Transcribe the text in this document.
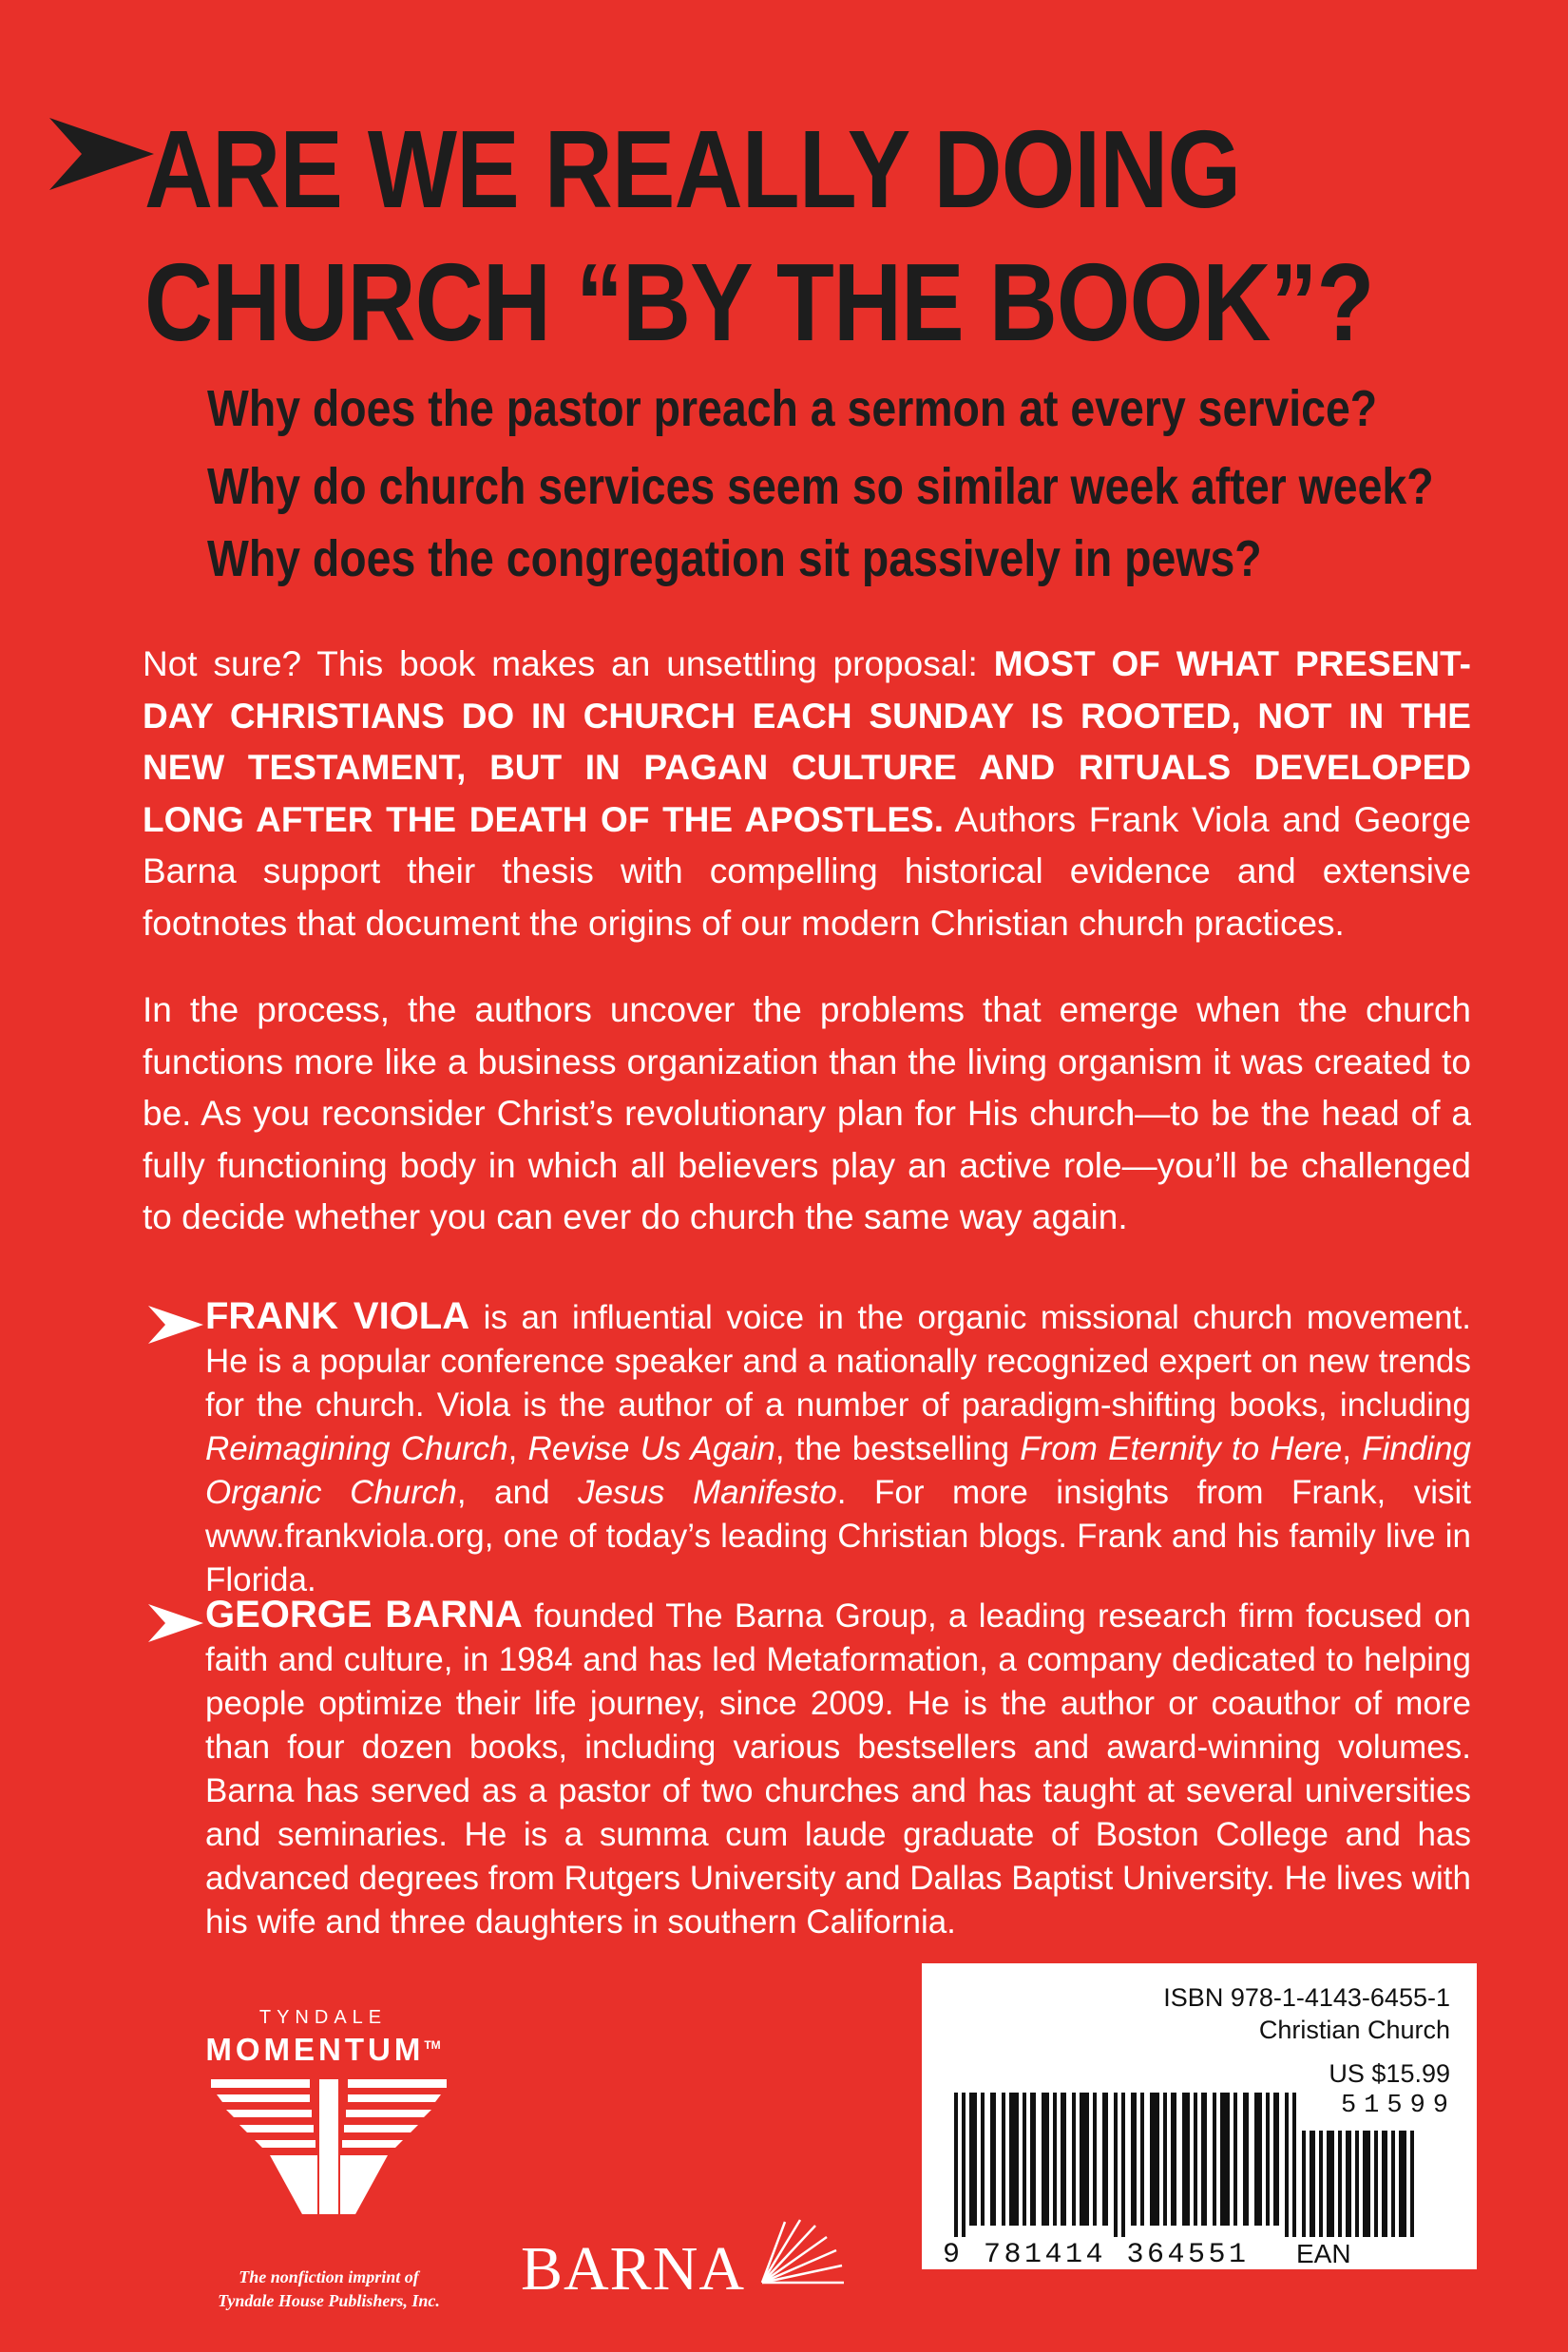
ARE WE REALLY DOING
CHURCH “BY THE BOOK”?
Why does the pastor preach a sermon at every service?
Why do church services seem so similar week after week?
Why does the congregation sit passively in pews?
Not sure? This book makes an unsettling proposal: MOST OF WHAT PRESENT-DAY CHRISTIANS DO IN CHURCH EACH SUNDAY IS ROOTED, NOT IN THE NEW TESTAMENT, BUT IN PAGAN CULTURE AND RITUALS DEVELOPED LONG AFTER THE DEATH OF THE APOSTLES. Authors Frank Viola and George Barna support their thesis with compelling historical evidence and extensive footnotes that document the origins of our modern Christian church practices.
In the process, the authors uncover the problems that emerge when the church functions more like a business organization than the living organism it was created to be. As you reconsider Christ’s revolutionary plan for His church—to be the head of a fully functioning body in which all believers play an active role—you’ll be challenged to decide whether you can ever do church the same way again.
FRANK VIOLA is an influential voice in the organic missional church movement. He is a popular conference speaker and a nationally recognized expert on new trends for the church. Viola is the author of a number of paradigm-shifting books, including Reimagining Church, Revise Us Again, the bestselling From Eternity to Here, Finding Organic Church, and Jesus Manifesto. For more insights from Frank, visit www.frankviola.org, one of today’s leading Christian blogs. Frank and his family live in Florida.
GEORGE BARNA founded The Barna Group, a leading research firm focused on faith and culture, in 1984 and has led Metaformation, a company dedicated to helping people optimize their life journey, since 2009. He is the author or coauthor of more than four dozen books, including various bestsellers and award-winning volumes. Barna has served as a pastor of two churches and has taught at several universities and seminaries. He is a summa cum laude graduate of Boston College and has advanced degrees from Rutgers University and Dallas Baptist University. He lives with his wife and three daughters in southern California.
TYNDALE
MOMENTUM™
The nonfiction imprint of
Tyndale House Publishers, Inc.	BARNA
ISBN 978-1-4143-6455-1
Christian Church
US $15.99
51599
9 781414 364551 EAN
